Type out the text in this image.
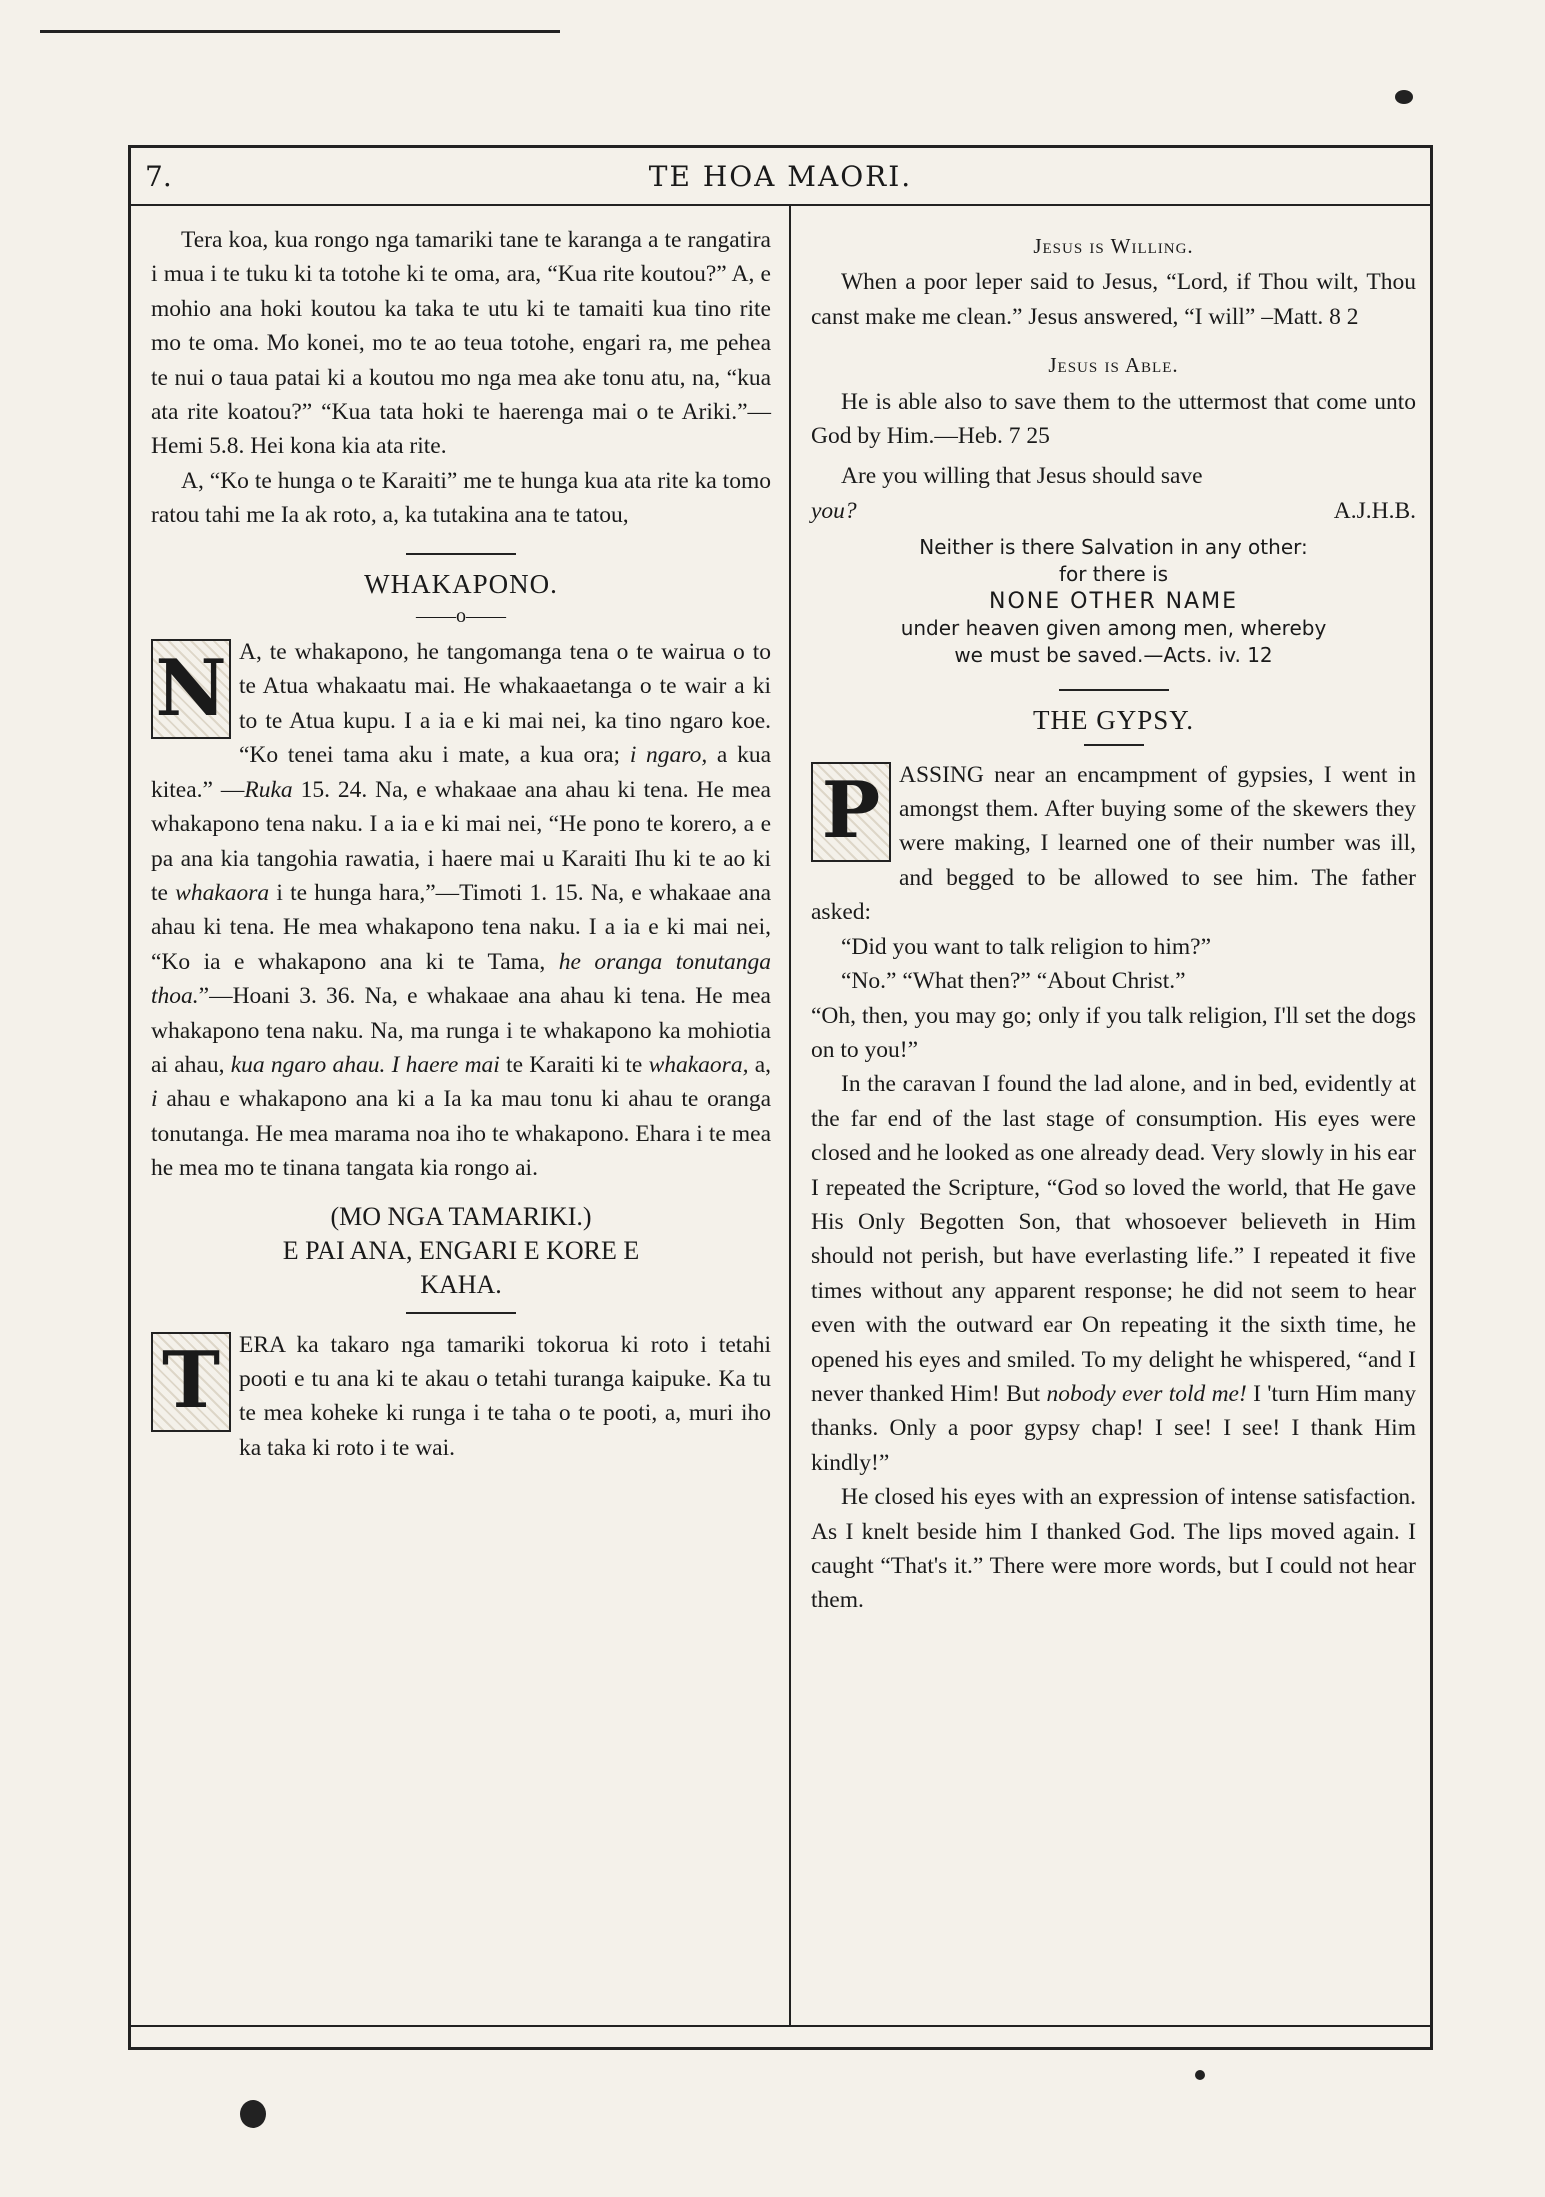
7.	TE HOA MAORI.

Tera koa, kua rongo nga tamariki tane te karanga a te rangatira i mua i te tuku ki ta totohe ki te oma, ara, “Kua rite koutou?” A, e mohio ana hoki koutou ka taka te utu ki te tamaiti kua tino rite mo te oma. Mo konei, mo te ao teua totohe, engari ra, me pehea te nui o taua patai ki a koutou mo nga mea ake tonu atu, na, “kua ata rite koatou?” “Kua tata hoki te haerenga mai o te Ariki.”—Hemi 5.8. Hei kona kia ata rite.

A, “Ko te hunga o te Karaiti” me te hunga kua ata rite ka tomo ratou tahi me Ia ak roto, a, ka tutakina ana te tatou,

WHAKAPONO.
——o——

N A, te whakapono, he tangomanga tena o te wairua o to te Atua whakaatu mai. He whakaaetanga o te wair a ki to te Atua kupu. I a ia e ki mai nei, ka tino ngaro koe. “Ko tenei tama aku i mate, a kua ora; i ngaro, a kua kitea.” —Ruka 15. 24. Na, e whakaae ana ahau ki tena. He mea whakapono tena naku. I a ia e ki mai nei, “He pono te korero, a e pa ana kia tangohia rawatia, i haere mai u Karaiti Ihu ki te ao ki te whakaora i te hunga hara,”—Timoti 1. 15. Na, e whakaae ana ahau ki tena. He mea whakapono tena naku. I a ia e ki mai nei, “Ko ia e whakapono ana ki te Tama, he oranga tonutanga thoa.”—Hoani 3. 36. Na, e whakaae ana ahau ki tena. He mea whakapono tena naku. Na, ma runga i te whakapono ka mohiotia ai ahau, kua ngaro ahau. I haere mai te Karaiti ki te whakaora, a, i ahau e whakapono ana ki a Ia ka mau tonu ki ahau te oranga tonutanga. He mea marama noa iho te whakapono. Ehara i te mea he mea mo te tinana tangata kia rongo ai.

(MO NGA TAMARIKI.)
E PAI ANA, ENGARI E KORE E
KAHA.

T ERA ka takaro nga tamariki tokorua ki roto i tetahi pooti e tu ana ki te akau o tetahi turanga kaipuke. Ka tu te mea koheke ki runga i te taha o te pooti, a, muri iho ka taka ki roto i te wai.

Jesus is Willing.

When a poor leper said to Jesus, “Lord, if Thou wilt, Thou canst make me clean.” Jesus answered, “I will” –Matt. 8 2

Jesus is Able.

He is able also to save them to the uttermost that come unto God by Him.—Heb. 7 25

Are you willing that Jesus should save

you?	A.J.H.B.
Neither is there Salvation in any other:
for there is
NONE OTHER NAME
under heaven given among men, whereby
we must be saved.—Acts. iv. 12
THE GYPSY.

P ASSING near an encampment of gypsies, I went in amongst them. After buying some of the skewers they were making, I learned one of their number was ill, and begged to be allowed to see him. The father asked:

“Did you want to talk religion to him?”

“No.” “What then?” “About Christ.”

“Oh, then, you may go; only if you talk religion, I'll set the dogs on to you!”

In the caravan I found the lad alone, and in bed, evidently at the far end of the last stage of consumption. His eyes were closed and he looked as one already dead. Very slowly in his ear I repeated the Scripture, “God so loved the world, that He gave His Only Begotten Son, that whosoever believeth in Him should not perish, but have everlasting life.” I repeated it five times without any apparent response; he did not seem to hear even with the outward ear On repeating it the sixth time, he opened his eyes and smiled. To my delight he whispered, “and I never thanked Him! But nobody ever told me! I 'turn Him many thanks. Only a poor gypsy chap! I see! I see! I thank Him kindly!”

He closed his eyes with an expression of intense satisfaction. As I knelt beside him I thanked God. The lips moved again. I caught “That's it.” There were more words, but I could not hear them.
